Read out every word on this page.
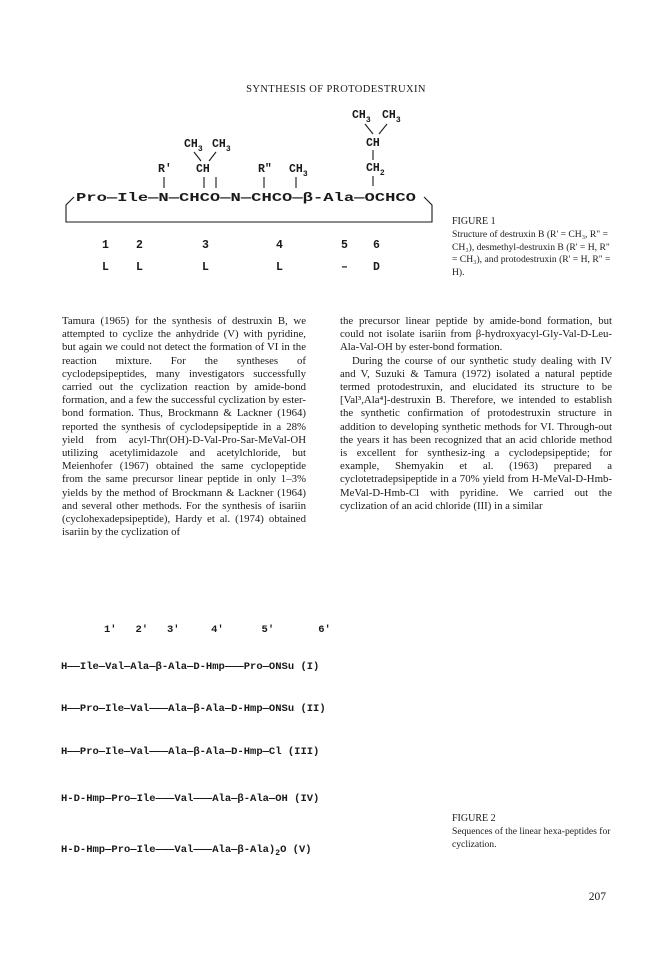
SYNTHESIS OF PROTODESTRUXIN
$CH_3$ $CH_3$
CH
$CH_2$
$CH_3$ $CH_3$
R' CH	R" $CH_3$
Pro—Ile—N—CHCO—N—CHCO—β-Ala—OCHCO
1 2	3	4	5 6
L L	L	L	– D
FIGURE 1
Structure of destruxin B (R' = CH₃, R" = CH₃), desmethyl-destruxin B (R' = H, R" = CH₃), and protodestruxin (R' = H, R" = H).

Tamura (1965) for the synthesis of destruxin B, we attempted to cyclize the anhydride (V) with pyridine, but again we could not detect the formation of VI in the reaction mixture. For the syntheses of cyclodepsipeptides, many investigators successfully carried out the cyclization reaction by amide-bond formation, and a few the successful cyclization by ester-bond formation. Thus, Brockmann & Lackner (1964) reported the synthesis of cyclodepsipeptide in a 28% yield from acyl-Thr(OH)-D-Val-Pro-Sar-MeVal-OH utilizing acetylimidazole and acetylchloride, but Meienhofer (1967) obtained the same cyclopeptide from the same precursor linear peptide in only 1–3% yields by the method of Brockmann & Lackner (1964) and several other methods. For the synthesis of isariin (cyclohexadepsipeptide), Hardy et al. (1974) obtained isariin by the cyclization of

the precursor linear peptide by amide-bond formation, but could not isolate isariin from β-hydroxyacyl-Gly-Val-D-Leu-Ala-Val-OH by ester-bond formation.

During the course of our synthetic study dealing with IV and V, Suzuki & Tamura (1972) isolated a natural peptide termed protodestruxin, and elucidated its structure to be [Val³,Ala⁴]-destruxin B. Therefore, we intended to establish the synthetic confirmation of protodestruxin structure in addition to developing synthetic methods for VI. Through-out the years it has been recognized that an acid chloride method is excellent for synthesiz-ing a cyclodepsipeptide; for example, Shemyakin et al. (1963) prepared a cyclotetradepsipeptide in a 70% yield from H-MeVal-D-Hmb-MeVal-D-Hmb-Cl with pyridine. We carried out the cyclization of an acid chloride (III) in a similar

1'   2'   3'     4'      5'       6'
H——Ile—Val—Ala—β-Ala—D-Hmp———Pro—ONSu (I)
H——Pro—Ile—Val———Ala—β-Ala—D-Hmp—ONSu (II)
H——Pro—Ile—Val———Ala—β-Ala—D-Hmp—Cl (III)
H-D-Hmp—Pro—Ile———Val———Ala—β-Ala—OH (IV)
$H-D-Hmp—Pro—Ile———Val———Ala—\beta-Ala)_2O$ (V)
FIGURE 2
Sequences of the linear hexa-peptides for cyclization.
207
